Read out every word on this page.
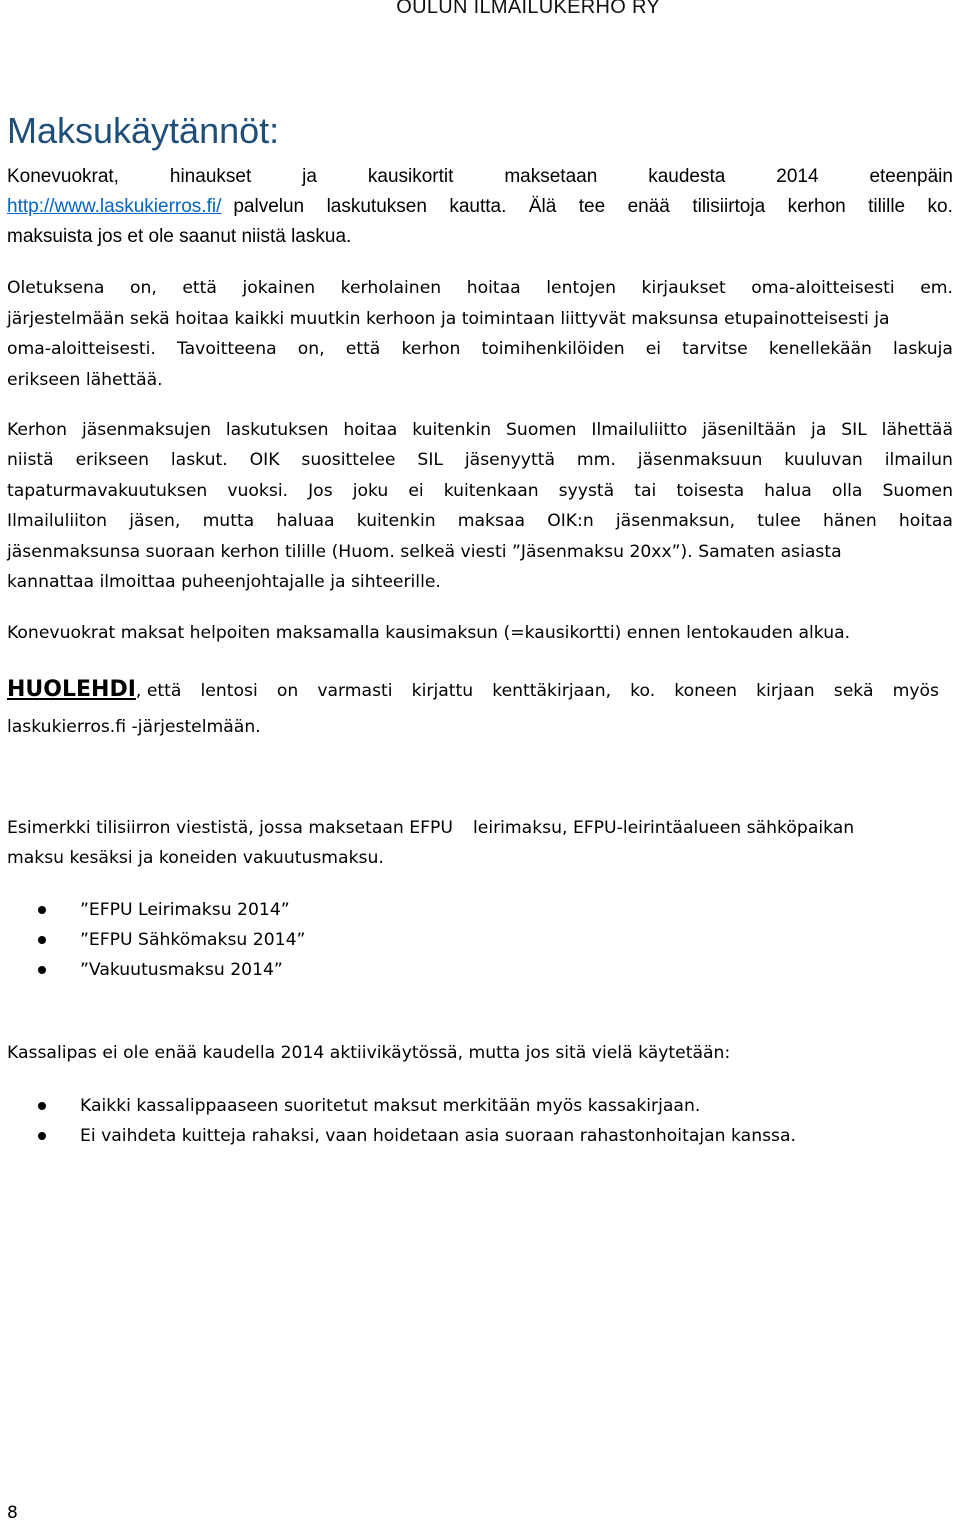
OULUN ILMAILUKERHO RY
Maksukäytännöt:
Konevuokrat,	hinaukset	ja	kausikortit	maksetaan	kaudesta	2014	eteenpäin
http://www.laskukierros.fi/ palvelun laskutuksen kautta. Älä tee enää tilisiirtoja kerhon tilille ko.
maksuista jos et ole saanut niistä laskua.
Oletuksena on, että jokainen kerholainen hoitaa lentojen kirjaukset oma-aloitteisesti em.
järjestelmään sekä hoitaa kaikki muutkin kerhoon ja toimintaan liittyvät maksunsa etupainotteisesti ja
oma-aloitteisesti. Tavoitteena on, että kerhon toimihenkilöiden ei tarvitse kenellekään laskuja
erikseen lähettää.
Kerhon jäsenmaksujen laskutuksen hoitaa kuitenkin Suomen Ilmailuliitto jäseniltään ja SIL lähettää
niistä erikseen laskut. OIK suosittelee SIL jäsenyyttä mm. jäsenmaksuun kuuluvan ilmailun
tapaturmavakuutuksen vuoksi. Jos joku ei kuitenkaan syystä tai toisesta halua olla Suomen
Ilmailuliiton jäsen, mutta haluaa kuitenkin maksaa OIK:n jäsenmaksun, tulee hänen hoitaa
jäsenmaksunsa suoraan kerhon tilille (Huom. selkeä viesti ”Jäsenmaksu 20xx”). Samaten asiasta
kannattaa ilmoittaa puheenjohtajalle ja sihteerille.
Konevuokrat maksat helpoiten maksamalla kausimaksun (=kausikortti) ennen lentokauden alkua.
HUOLEHDI , että lentosi on varmasti kirjattu kenttäkirjaan, ko. koneen kirjaan sekä myös
laskukierros.fi -järjestelmään.
Esimerkki tilisiirron viestistä, jossa maksetaan EFPU leirimaksu, EFPU-leirintäalueen sähköpaikan
maksu kesäksi ja koneiden vakuutusmaksu.
”EFPU Leirimaksu 2014”
”EFPU Sähkömaksu 2014”
”Vakuutusmaksu 2014”
Kassalipas ei ole enää kaudella 2014 aktiivikäytössä, mutta jos sitä vielä käytetään:
Kaikki kassalippaaseen suoritetut maksut merkitään myös kassakirjaan.
Ei vaihdeta kuitteja rahaksi, vaan hoidetaan asia suoraan rahastonhoitajan kanssa.
8
